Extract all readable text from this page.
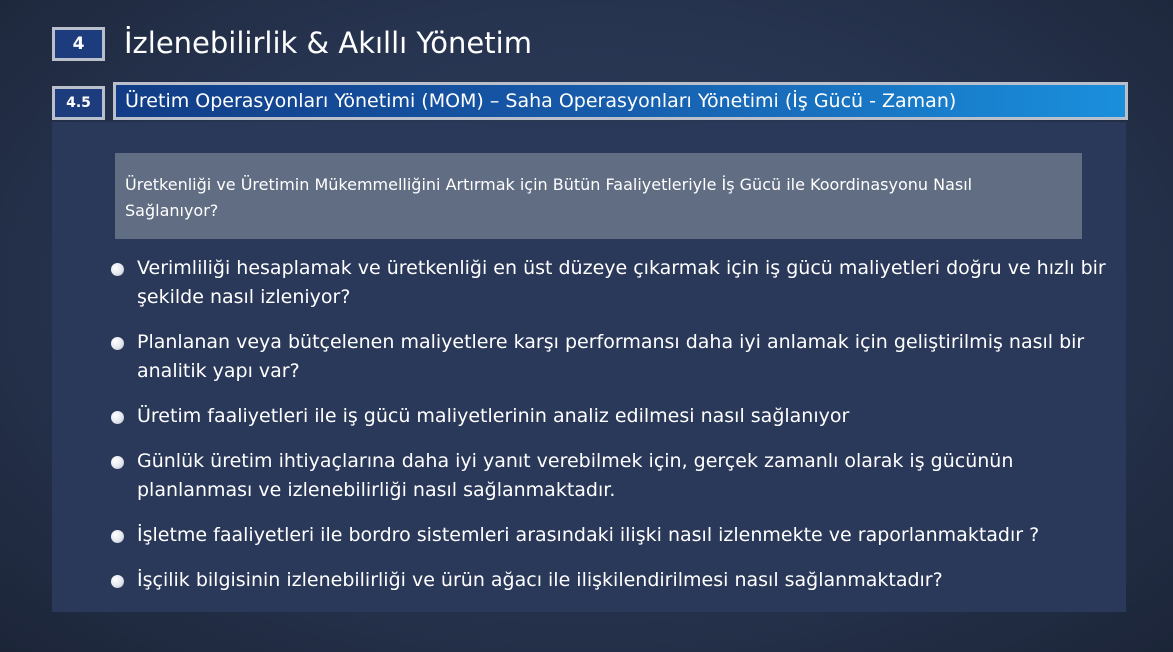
4	İzlenebilirlik & Akıllı Yönetim
4.5	Üretim Operasyonları Yönetimi (MOM) – Saha Operasyonları Yönetimi (İş Gücü - Zaman)
Üretkenliği ve Üretimin Mükemmelliğini Artırmak için Bütün Faaliyetleriyle İş Gücü ile Koordinasyonu Nasıl Sağlanıyor?
Verimliliği hesaplamak ve üretkenliği en üst düzeye çıkarmak için iş gücü maliyetleri doğru ve hızlı bir şekilde nasıl izleniyor?
Planlanan veya bütçelenen maliyetlere karşı performansı daha iyi anlamak için geliştirilmiş nasıl bir analitik yapı var?
Üretim faaliyetleri ile iş gücü maliyetlerinin analiz edilmesi nasıl sağlanıyor
Günlük üretim ihtiyaçlarına daha iyi yanıt verebilmek için, gerçek zamanlı olarak iş gücünün planlanması ve izlenebilirliği nasıl sağlanmaktadır.
İşletme faaliyetleri ile bordro sistemleri arasındaki ilişki nasıl izlenmekte ve raporlanmaktadır ?
İşçilik bilgisinin izlenebilirliği ve ürün ağacı ile ilişkilendirilmesi nasıl sağlanmaktadır?
